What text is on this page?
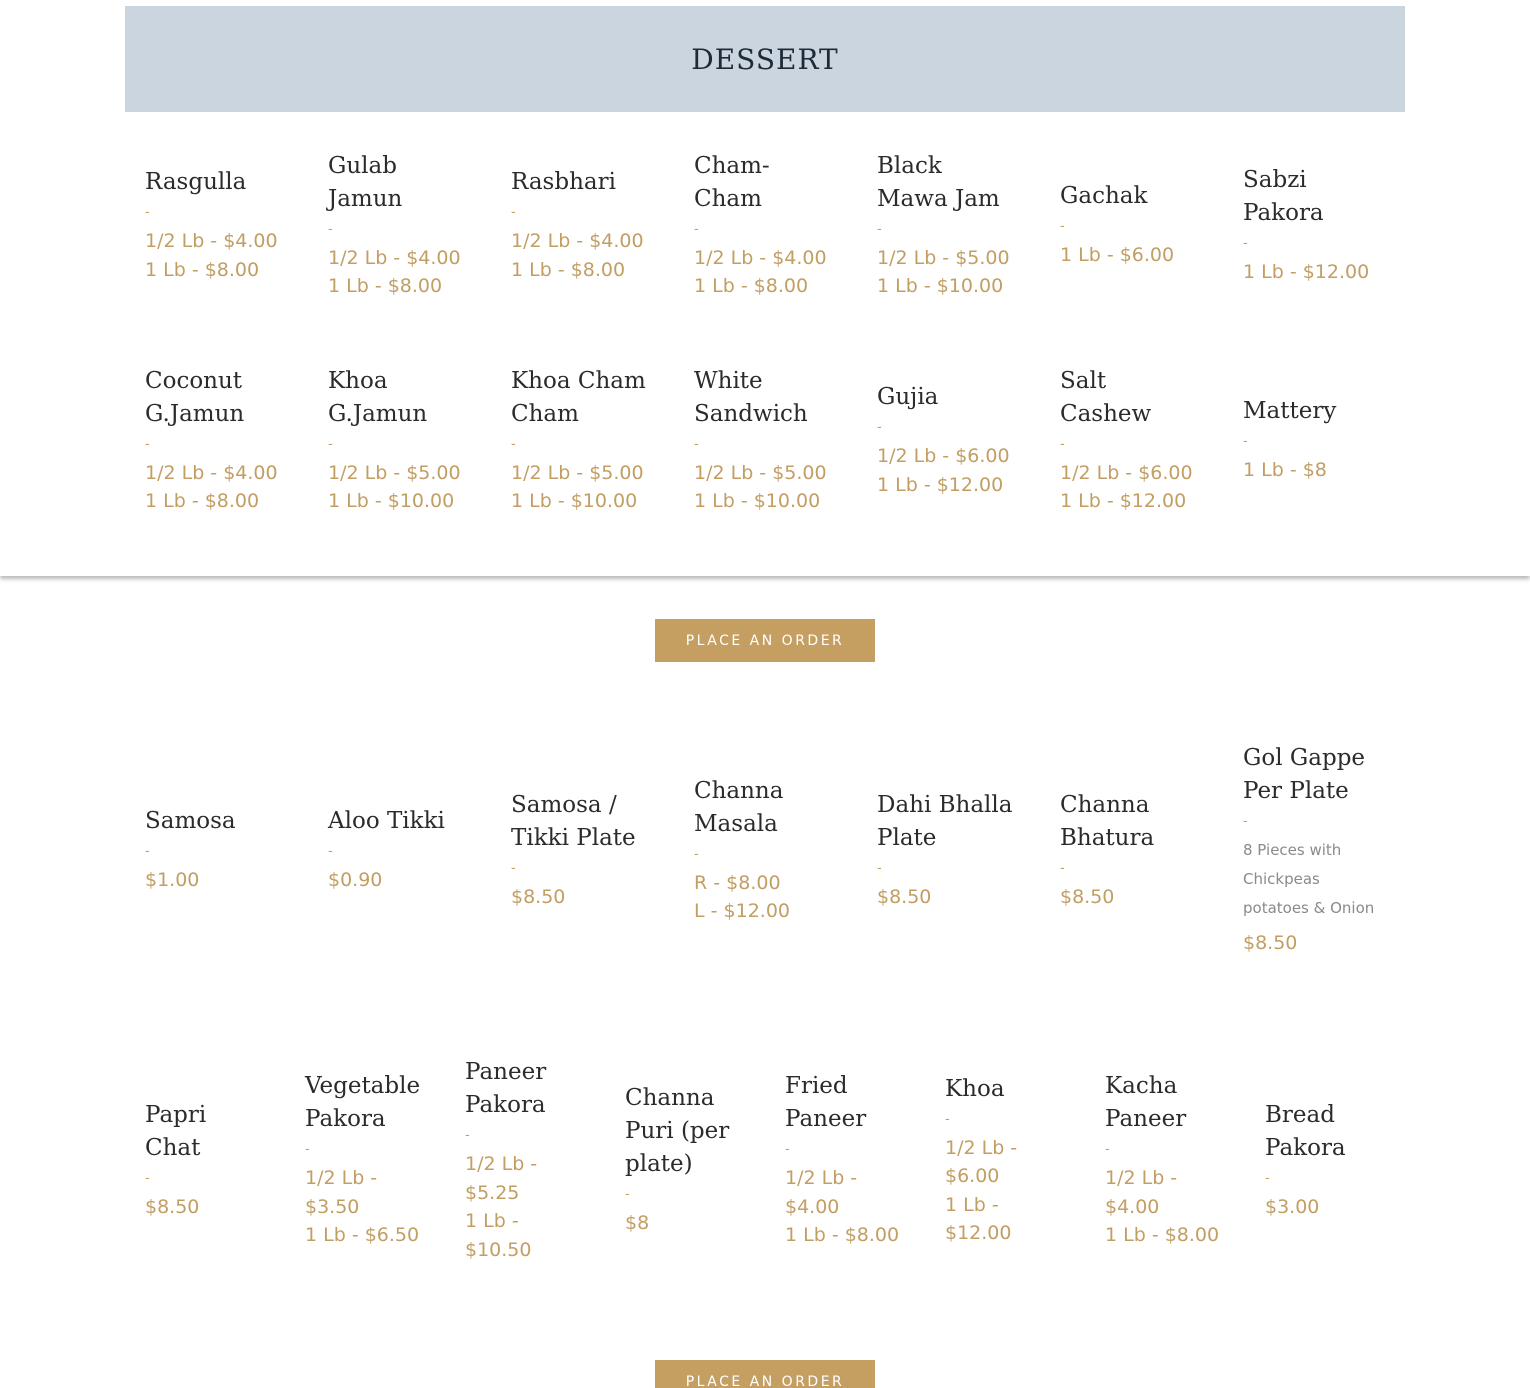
DESSERT
Rasgulla
-
1/2 Lb - $4.00
1 Lb - $8.00
Gulab Jamun
-
1/2 Lb - $4.00
1 Lb - $8.00
Rasbhari
-
1/2 Lb - $4.00
1 Lb - $8.00
Cham-Cham
-
1/2 Lb - $4.00
1 Lb - $8.00
Black Mawa Jam
-
1/2 Lb - $5.00
1 Lb - $10.00
Gachak
-
1 Lb - $6.00
Sabzi Pakora
-
1 Lb - $12.00
Coconut G.Jamun
-
1/2 Lb - $4.00
1 Lb - $8.00
Khoa G.Jamun
-
1/2 Lb - $5.00
1 Lb - $10.00
Khoa Cham Cham
-
1/2 Lb - $5.00
1 Lb - $10.00
White Sandwich
-
1/2 Lb - $5.00
1 Lb - $10.00
Gujia
-
1/2 Lb - $6.00
1 Lb - $12.00
Salt Cashew
-
1/2 Lb - $6.00
1 Lb - $12.00
Mattery
-
1 Lb - $8
Samosa
-
$1.00
Aloo Tikki
-
$0.90
Samosa / Tikki Plate
-
$8.50
Channa Masala
-
R - $8.00
L - $12.00
Dahi Bhalla Plate
-
$8.50
Channa Bhatura
-
$8.50
Gol Gappe Per Plate
-
8 Pieces with Chickpeas potatoes & Onion
$8.50
Papri Chat
-
$8.50
Vegetable Pakora
-
1/2 Lb - $3.50
1 Lb - $6.50
Paneer Pakora
-
1/2 Lb - $5.25
1 Lb - $10.50
Channa Puri (per plate)
-
$8
Fried Paneer
-
1/2 Lb - $4.00
1 Lb - $8.00
Khoa
-
1/2 Lb - $6.00
1 Lb - $12.00
Kacha Paneer
-
1/2 Lb - $4.00
1 Lb - $8.00
Bread Pakora
-
$3.00
PLACE AN ORDER
PLACE AN ORDER
